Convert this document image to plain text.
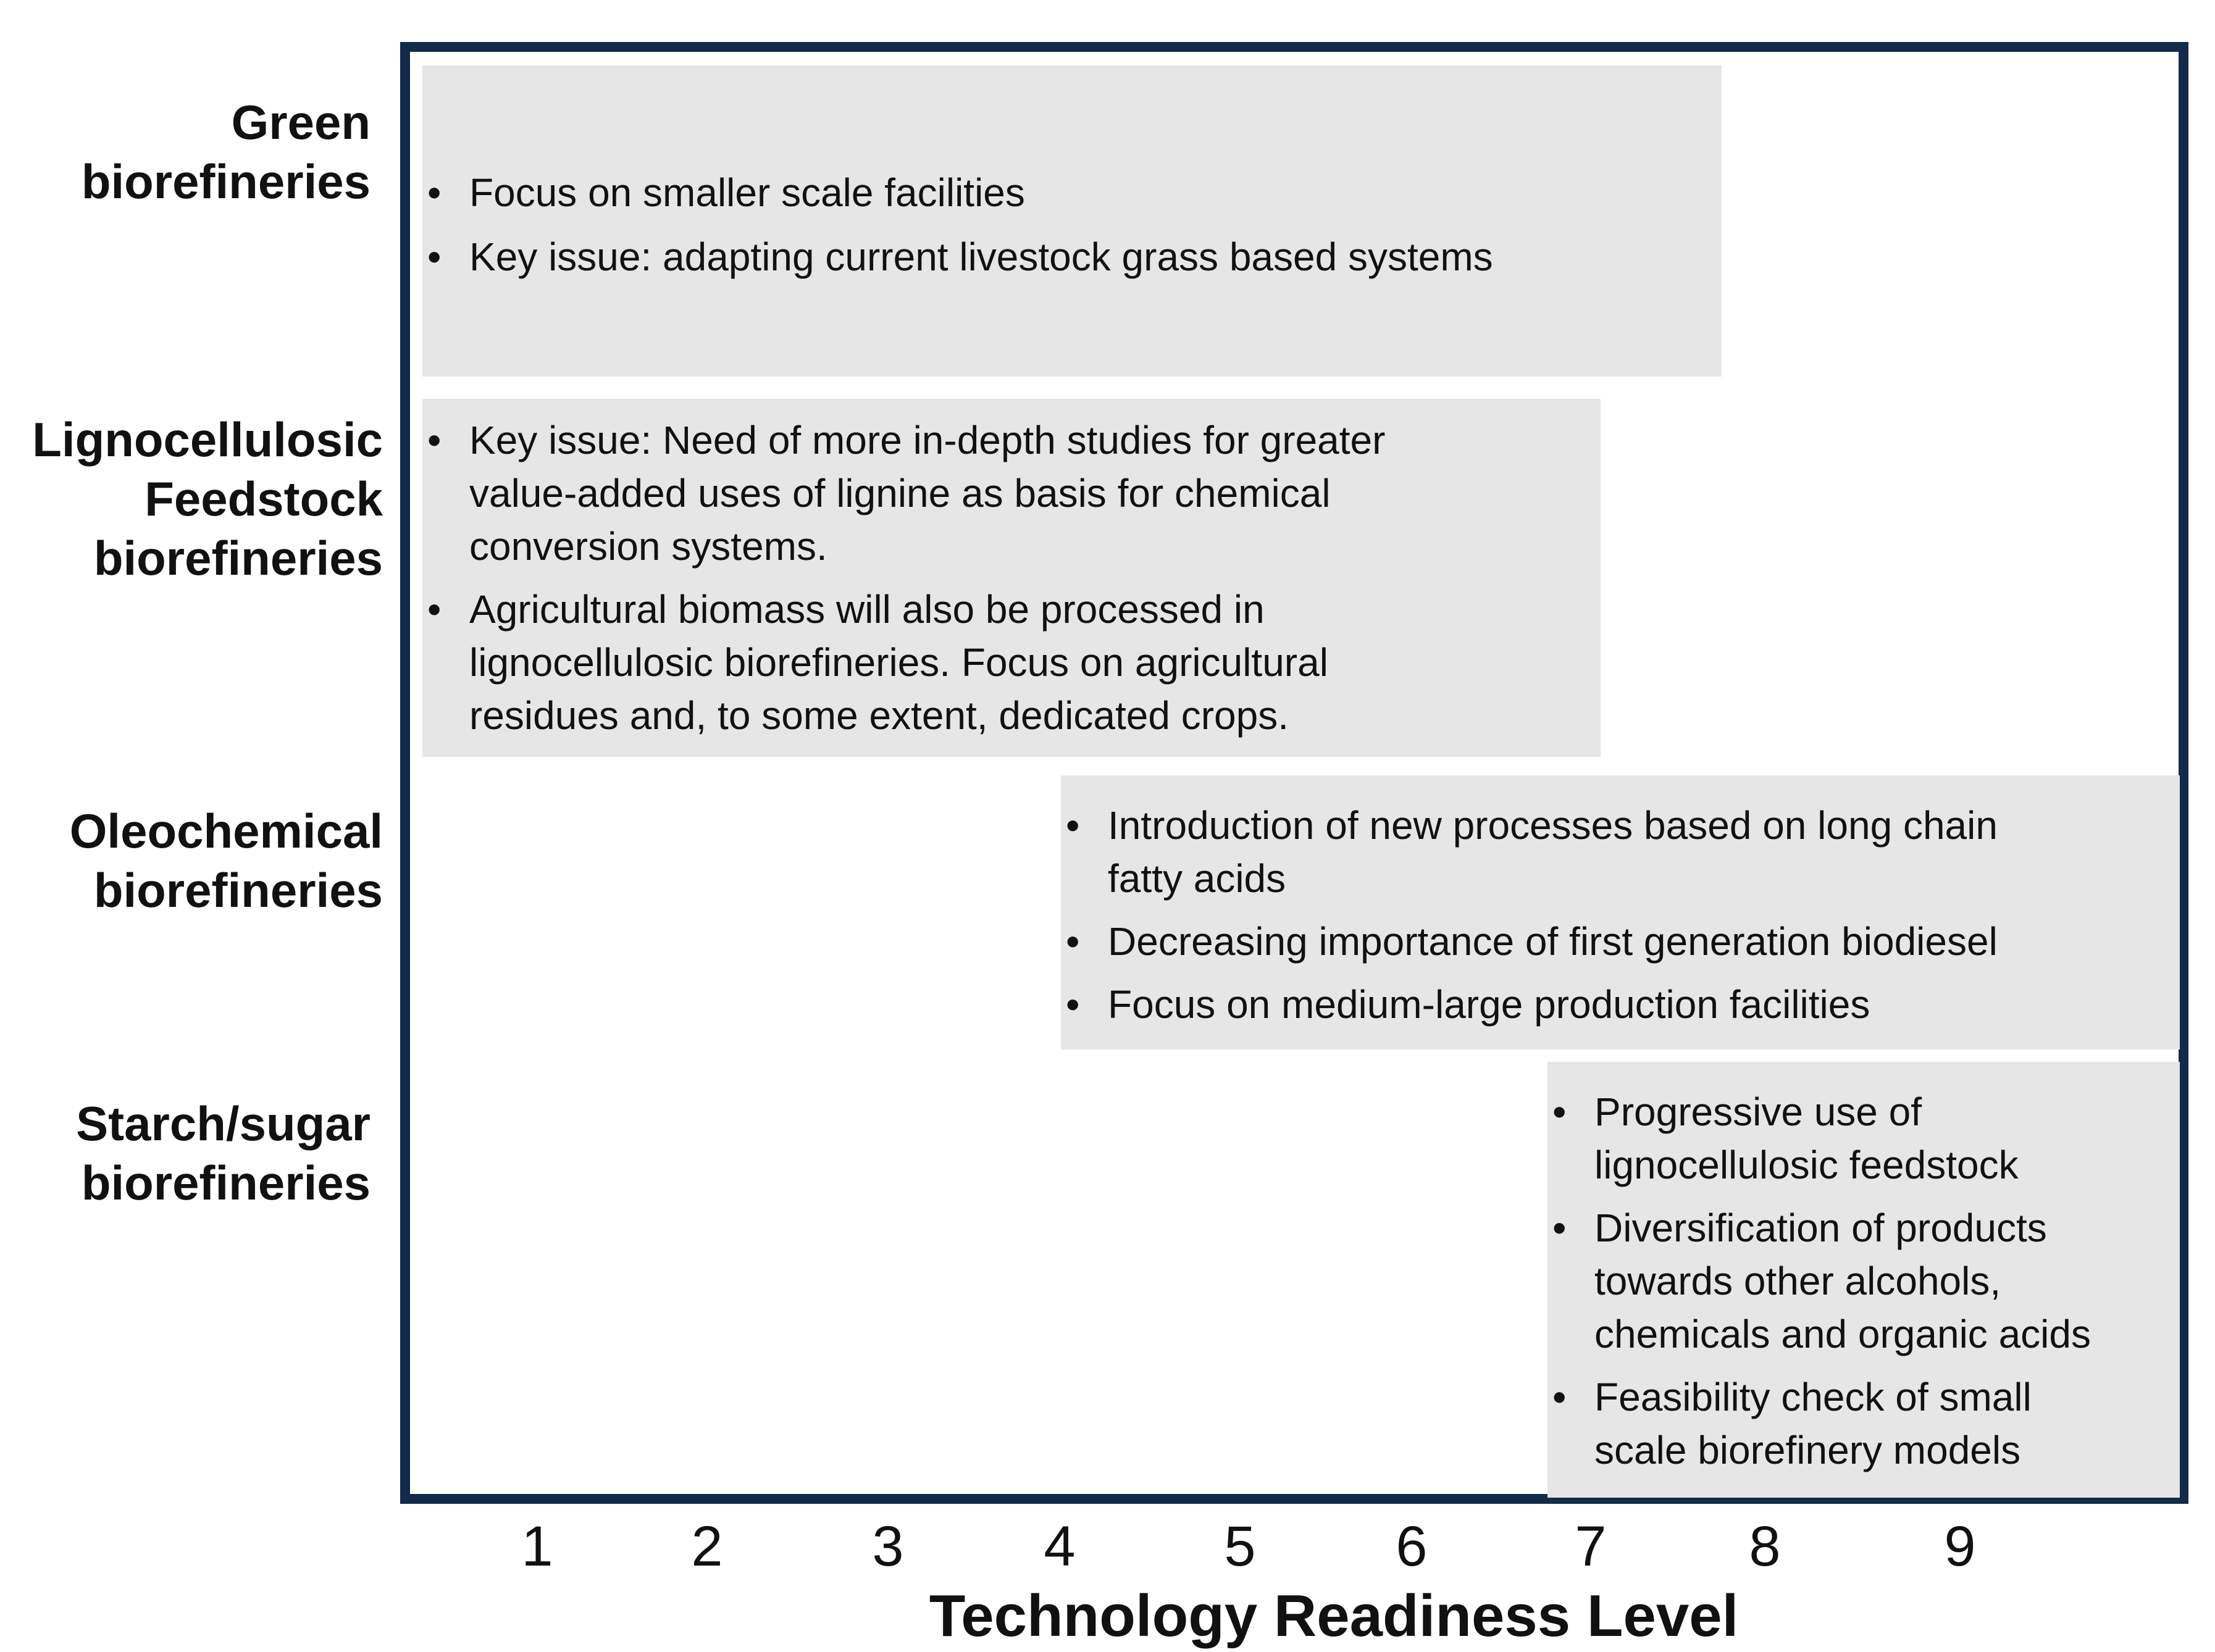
Green
biorefineries
Lignocellulosic
Feedstock
biorefineries
Oleochemical
biorefineries
Starch/sugar
biorefineries
• Focus on smaller scale facilities
• Key issue: adapting current livestock grass based systems
• Key issue: Need of more in-depth studies for greater
value-added uses of lignine as basis for chemical
conversion systems.
• Agricultural biomass will also be processed in
lignocellulosic biorefineries. Focus on agricultural
residues and, to some extent, dedicated crops.
• Introduction of new processes based on long chain
fatty acids
• Decreasing importance of first generation biodiesel
• Focus on medium-large production facilities
• Progressive use of
lignocellulosic feedstock
• Diversification of products
towards other alcohols,
chemicals and organic acids
• Feasibility check of small
scale biorefinery models
1	2	3	4	5	6	7	8	9
Technology Readiness Level
